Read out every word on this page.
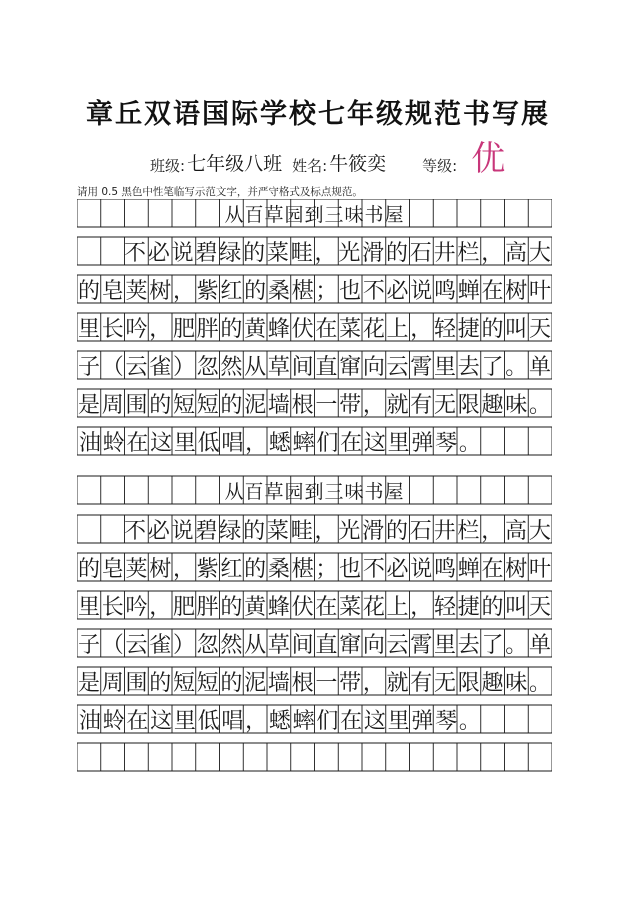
章丘双语国际学校七年级规范书写展
班级: 七年级八班 姓名: 牛筱奕 等级: 优
请用 0.5 黑色中性笔临写示范文字，并严守格式及标点规范。
从百草园到三味书屋
不 必 说 碧 绿 的 菜 畦 ， 光 滑 的 石 井 栏 ， 高 大
的 皂 荚 树 ， 紫 红 的 桑 椹 ； 也 不 必 说 鸣 蝉 在 树 叶
里 长 吟 ， 肥 胖 的 黄 蜂 伏 在 菜 花 上 ， 轻 捷 的 叫 天
子 （ 云 雀 ） 忽 然 从 草 间 直 窜 向 云 霄 里 去 了 。 单
是 周 围 的 短 短 的 泥 墙 根 一 带 ， 就 有 无 限 趣 味 。
油 蛉 在 这 里 低 唱 ， 蟋 蟀 们 在 这 里 弹 琴 。
从百草园到三味书屋
不 必 说 碧 绿 的 菜 畦 ， 光 滑 的 石 井 栏 ， 高 大
的 皂 荚 树 ， 紫 红 的 桑 椹 ； 也 不 必 说 鸣 蝉 在 树 叶
里 长 吟 ， 肥 胖 的 黄 蜂 伏 在 菜 花 上 ， 轻 捷 的 叫 天
子 （ 云 雀 ） 忽 然 从 草 间 直 窜 向 云 霄 里 去 了 。 单
是 周 围 的 短 短 的 泥 墙 根 一 带 ， 就 有 无 限 趣 味 。
油 蛉 在 这 里 低 唱 ， 蟋 蟀 们 在 这 里 弹 琴 。
